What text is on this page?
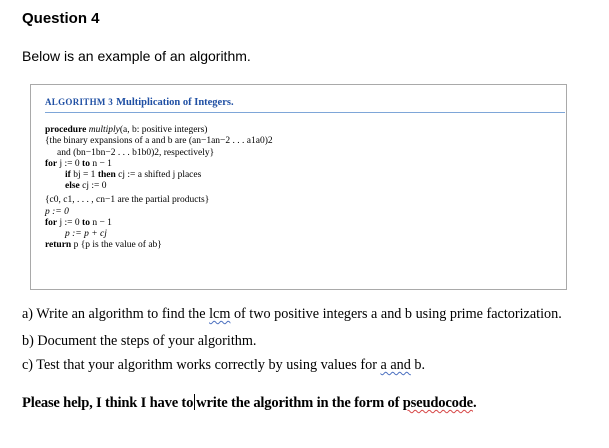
Question 4
Below is an example of an algorithm.
ALGORITHM 3 Multiplication of Integers.
procedure multiply(a, b: positive integers)
{the binary expansions of a and b are (an−1an−2 . . . a1a0)2
and (bn−1bn−2 . . . b1b0)2, respectively}
for j := 0 to n − 1
if bj = 1 then cj := a shifted j places
else cj := 0
{c0, c1, . . . , cn−1 are the partial products}
p := 0
for j := 0 to n − 1
p := p + cj
return p {p is the value of ab}
a) Write an algorithm to find the lcm of two positive integers a and b using prime factorization.
b) Document the steps of your algorithm.
c) Test that your algorithm works correctly by using values for a and b.
Please help, I think I have to write the algorithm in the form of pseudocode.
